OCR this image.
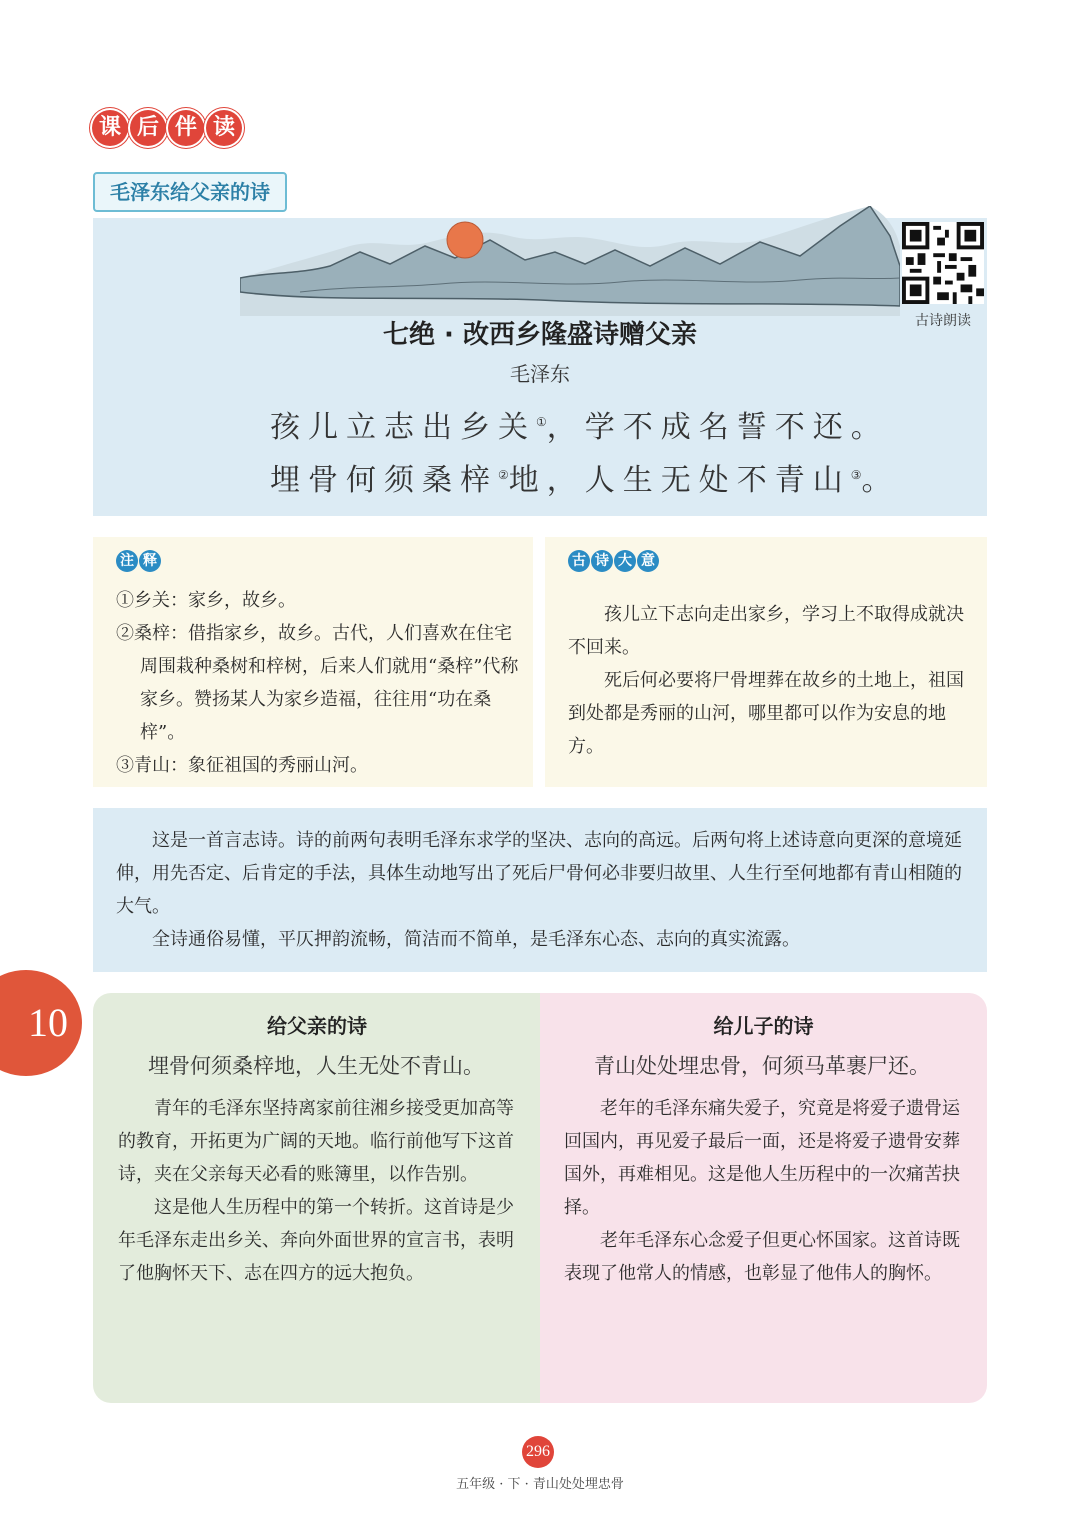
课 后 伴 读
毛泽东给父亲的诗
古诗朗读
七绝 · 改西乡隆盛诗赠父亲
毛泽东
孩儿立志出乡关①，学不成名誓不还。
埋骨何须桑梓②地，人生无处不青山③。
注 释
①乡关：家乡，故乡。
②桑梓：借指家乡，故乡。古代，人们喜欢在住宅周围栽种桑树和梓树，后来人们就用“桑梓”代称家乡。赞扬某人为家乡造福，往往用“功在桑梓”。
③青山：象征祖国的秀丽山河。
古 诗 大 意

孩儿立下志向走出家乡，学习上不取得成就决不回来。

死后何必要将尸骨埋葬在故乡的土地上，祖国到处都是秀丽的山河，哪里都可以作为安息的地方。

这是一首言志诗。诗的前两句表明毛泽东求学的坚决、志向的高远。后两句将上述诗意向更深的意境延伸，用先否定、后肯定的手法，具体生动地写出了死后尸骨何必非要归故里、人生行至何地都有青山相随的大气。

全诗通俗易懂，平仄押韵流畅，简洁而不简单，是毛泽东心态、志向的真实流露。

10	给父亲的诗
埋骨何须桑梓地，人生无处不青山。

青年的毛泽东坚持离家前往湘乡接受更加高等的教育，开拓更为广阔的天地。临行前他写下这首诗，夹在父亲每天必看的账簿里，以作告别。

这是他人生历程中的第一个转折。这首诗是少年毛泽东走出乡关、奔向外面世界的宣言书，表明了他胸怀天下、志在四方的远大抱负。

给儿子的诗
青山处处埋忠骨，何须马革裹尸还。

老年的毛泽东痛失爱子，究竟是将爱子遗骨运回国内，再见爱子最后一面，还是将爱子遗骨安葬国外，再难相见。这是他人生历程中的一次痛苦抉择。

老年毛泽东心念爱子但更心怀国家。这首诗既表现了他常人的情感，也彰显了他伟人的胸怀。

296
五年级 · 下 · 青山处处埋忠骨
